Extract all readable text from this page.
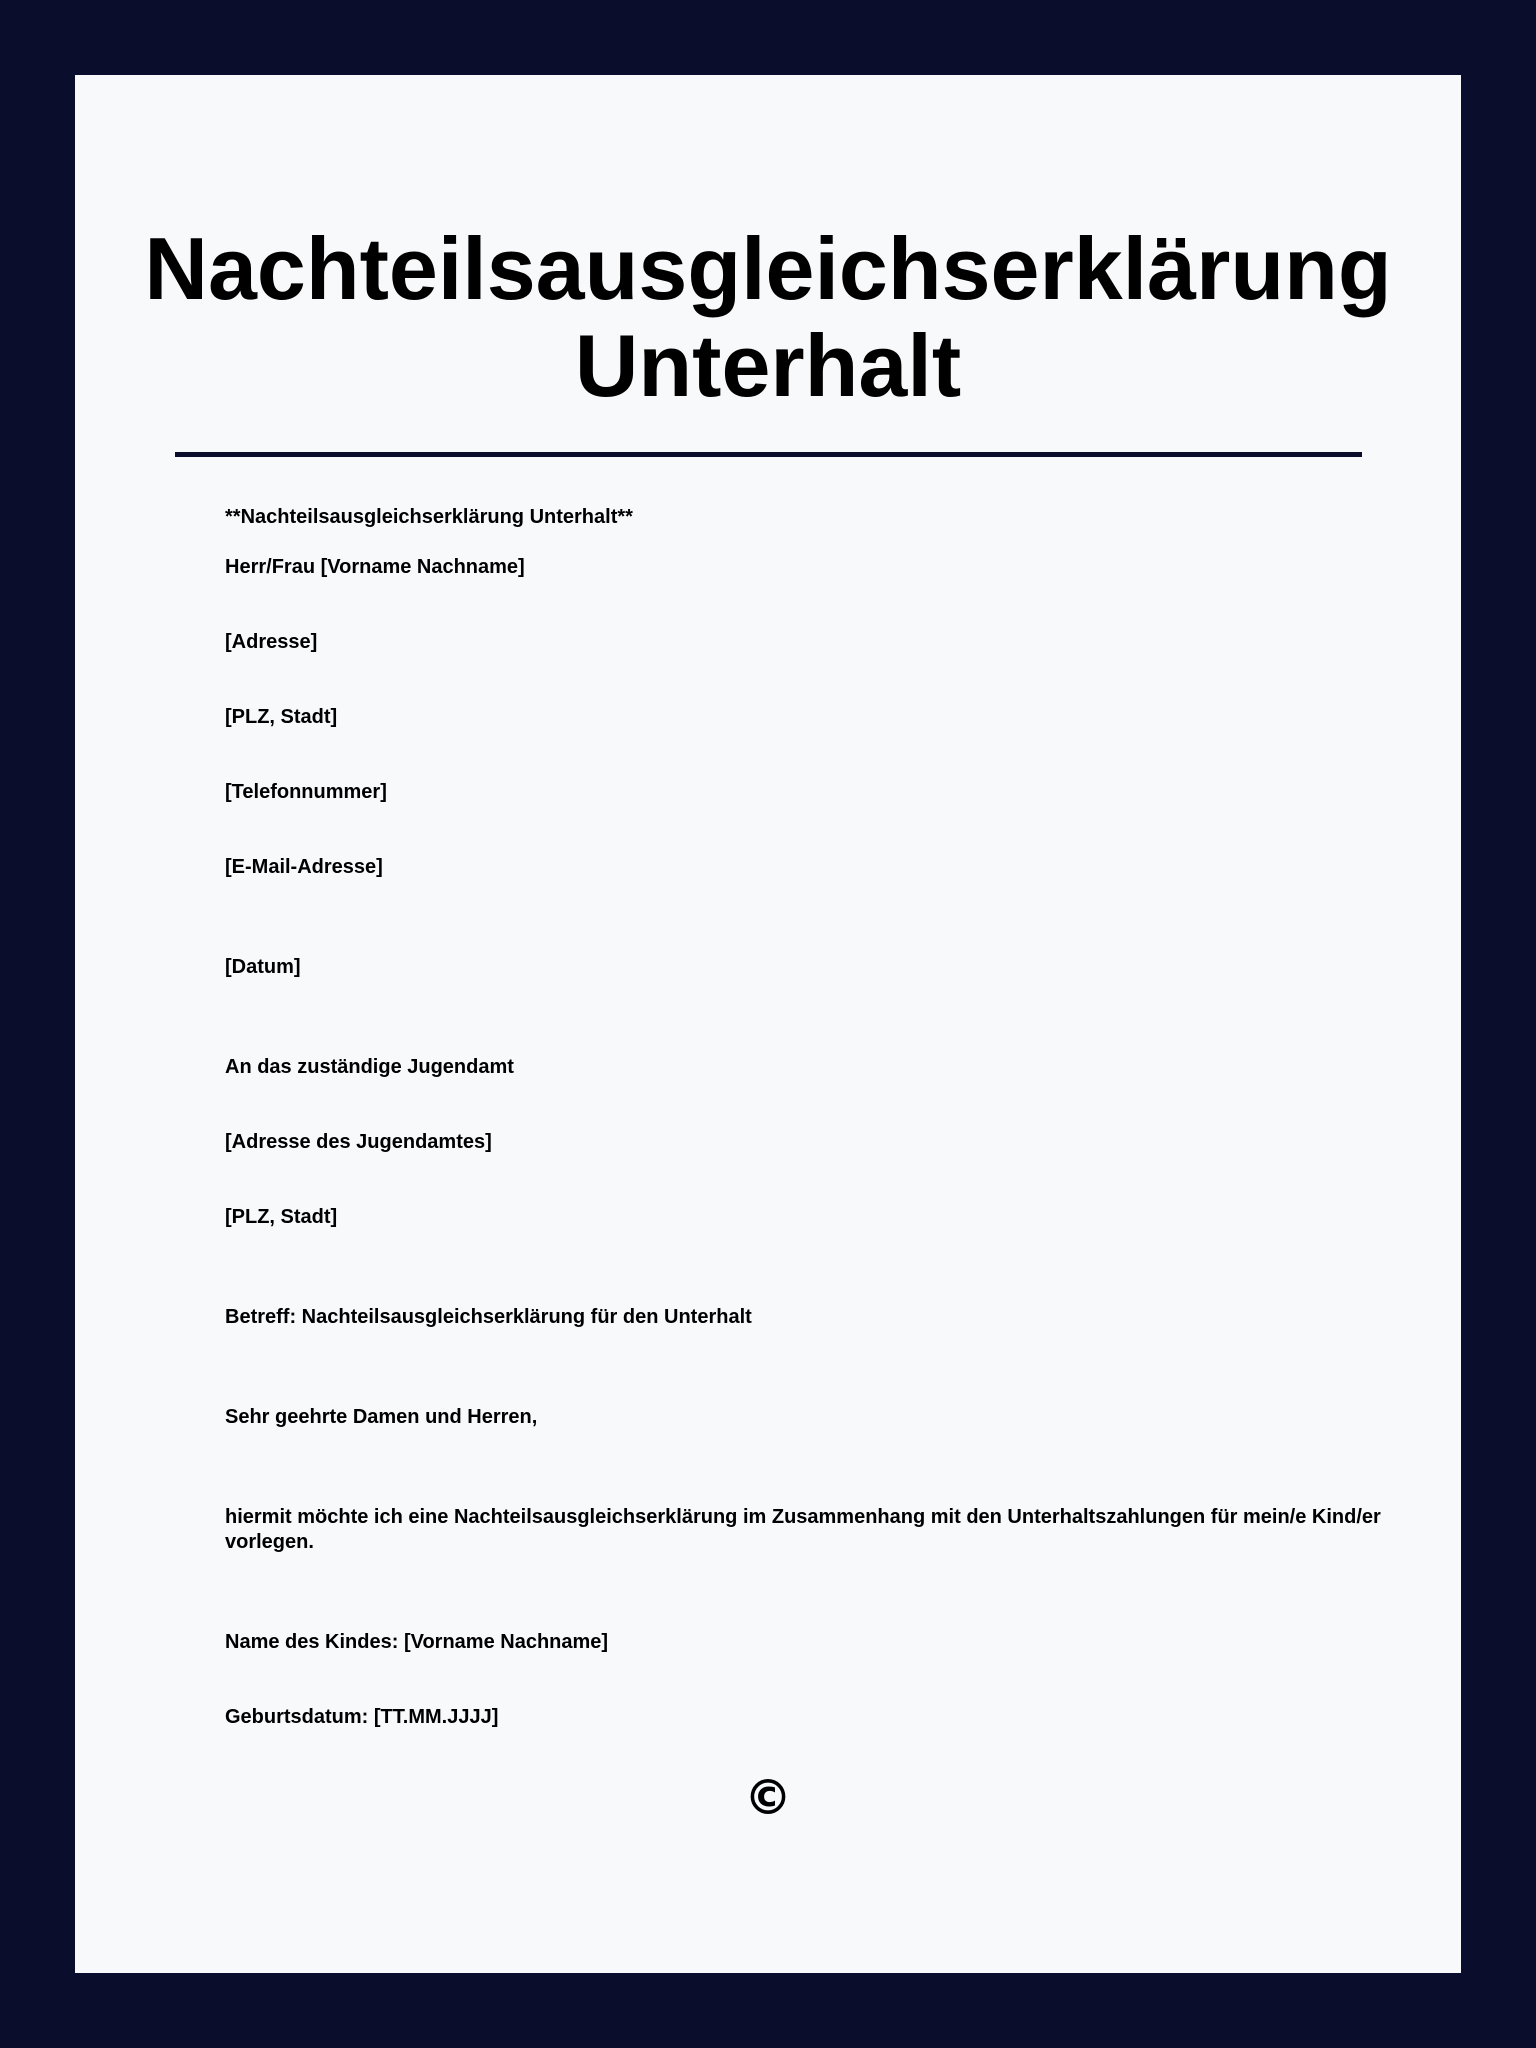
Nachteilsausgleichserklärung
Unterhalt
**Nachteilsausgleichserklärung Unterhalt**
Herr/Frau [Vorname Nachname]
[Adresse]
[PLZ, Stadt]
[Telefonnummer]
[E-Mail-Adresse]
[Datum]
An das zuständige Jugendamt
[Adresse des Jugendamtes]
[PLZ, Stadt]
Betreff: Nachteilsausgleichserklärung für den Unterhalt
Sehr geehrte Damen und Herren,
hiermit möchte ich eine Nachteilsausgleichserklärung im Zusammenhang mit den Unterhaltszahlungen für mein/e Kind/er vorlegen.
Name des Kindes: [Vorname Nachname]
Geburtsdatum: [TT.MM.JJJJ]
©
